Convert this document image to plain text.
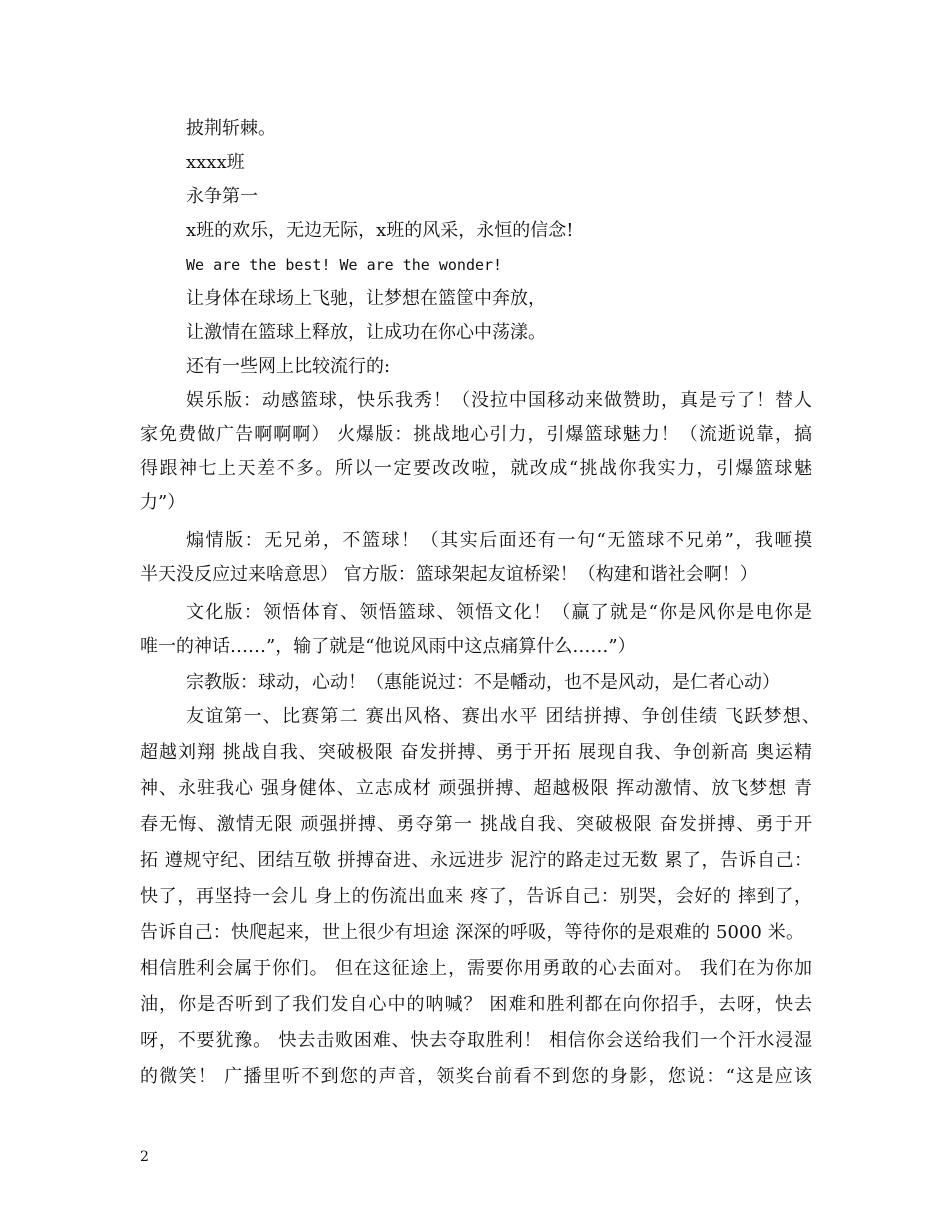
披荆斩棘。
xxxx班
永争第一
x班的欢乐，无边无际，x班的风采，永恒的信念!
We are the best! We are the wonder!
让身体在球场上飞驰，让梦想在篮筐中奔放，
让激情在篮球上释放，让成功在你心中荡漾。
还有一些网上比较流行的:
娱乐版：动感篮球，快乐我秀！（没拉中国移动来做赞助，真是亏了！替人
家免费做广告啊啊啊） 火爆版：挑战地心引力，引爆篮球魅力！（流逝说靠，搞
得跟神七上天差不多。所以一定要改改啦，就改成“挑战你我实力，引爆篮球魅
力”）
煽情版：无兄弟，不篮球！（其实后面还有一句“无篮球不兄弟”，我咂摸
半天没反应过来啥意思） 官方版：篮球架起友谊桥梁！（构建和谐社会啊！）
文化版：领悟体育、领悟篮球、领悟文化！（赢了就是“你是风你是电你是
唯一的神话……”，输了就是“他说风雨中这点痛算什么……”）
宗教版：球动，心动！（惠能说过：不是幡动，也不是风动，是仁者心动）
友谊第一、比赛第二 赛出风格、赛出水平 团结拼搏、争创佳绩 飞跃梦想、
超越刘翔 挑战自我、突破极限 奋发拼搏、勇于开拓 展现自我、争创新高 奥运精
神、永驻我心 强身健体、立志成材 顽强拼搏、超越极限 挥动激情、放飞梦想 青
春无悔、激情无限 顽强拼搏、勇夺第一 挑战自我、突破极限 奋发拼搏、勇于开
拓 遵规守纪、团结互敬 拼搏奋进、永远进步 泥泞的路走过无数 累了，告诉自己：
快了，再坚持一会儿 身上的伤流出血来 疼了，告诉自己：别哭，会好的 摔到了，
告诉自己：快爬起来，世上很少有坦途 深深的呼吸，等待你的是艰难的 5000 米。
相信胜利会属于你们。 但在这征途上，需要你用勇敢的心去面对。 我们在为你加
油，你是否听到了我们发自心中的呐喊？ 困难和胜利都在向你招手，去呀，快去
呀，不要犹豫。 快去击败困难、快去夺取胜利！ 相信你会送给我们一个汗水浸湿
的微笑！ 广播里听不到您的声音，领奖台前看不到您的身影，您说：“这是应该
2
